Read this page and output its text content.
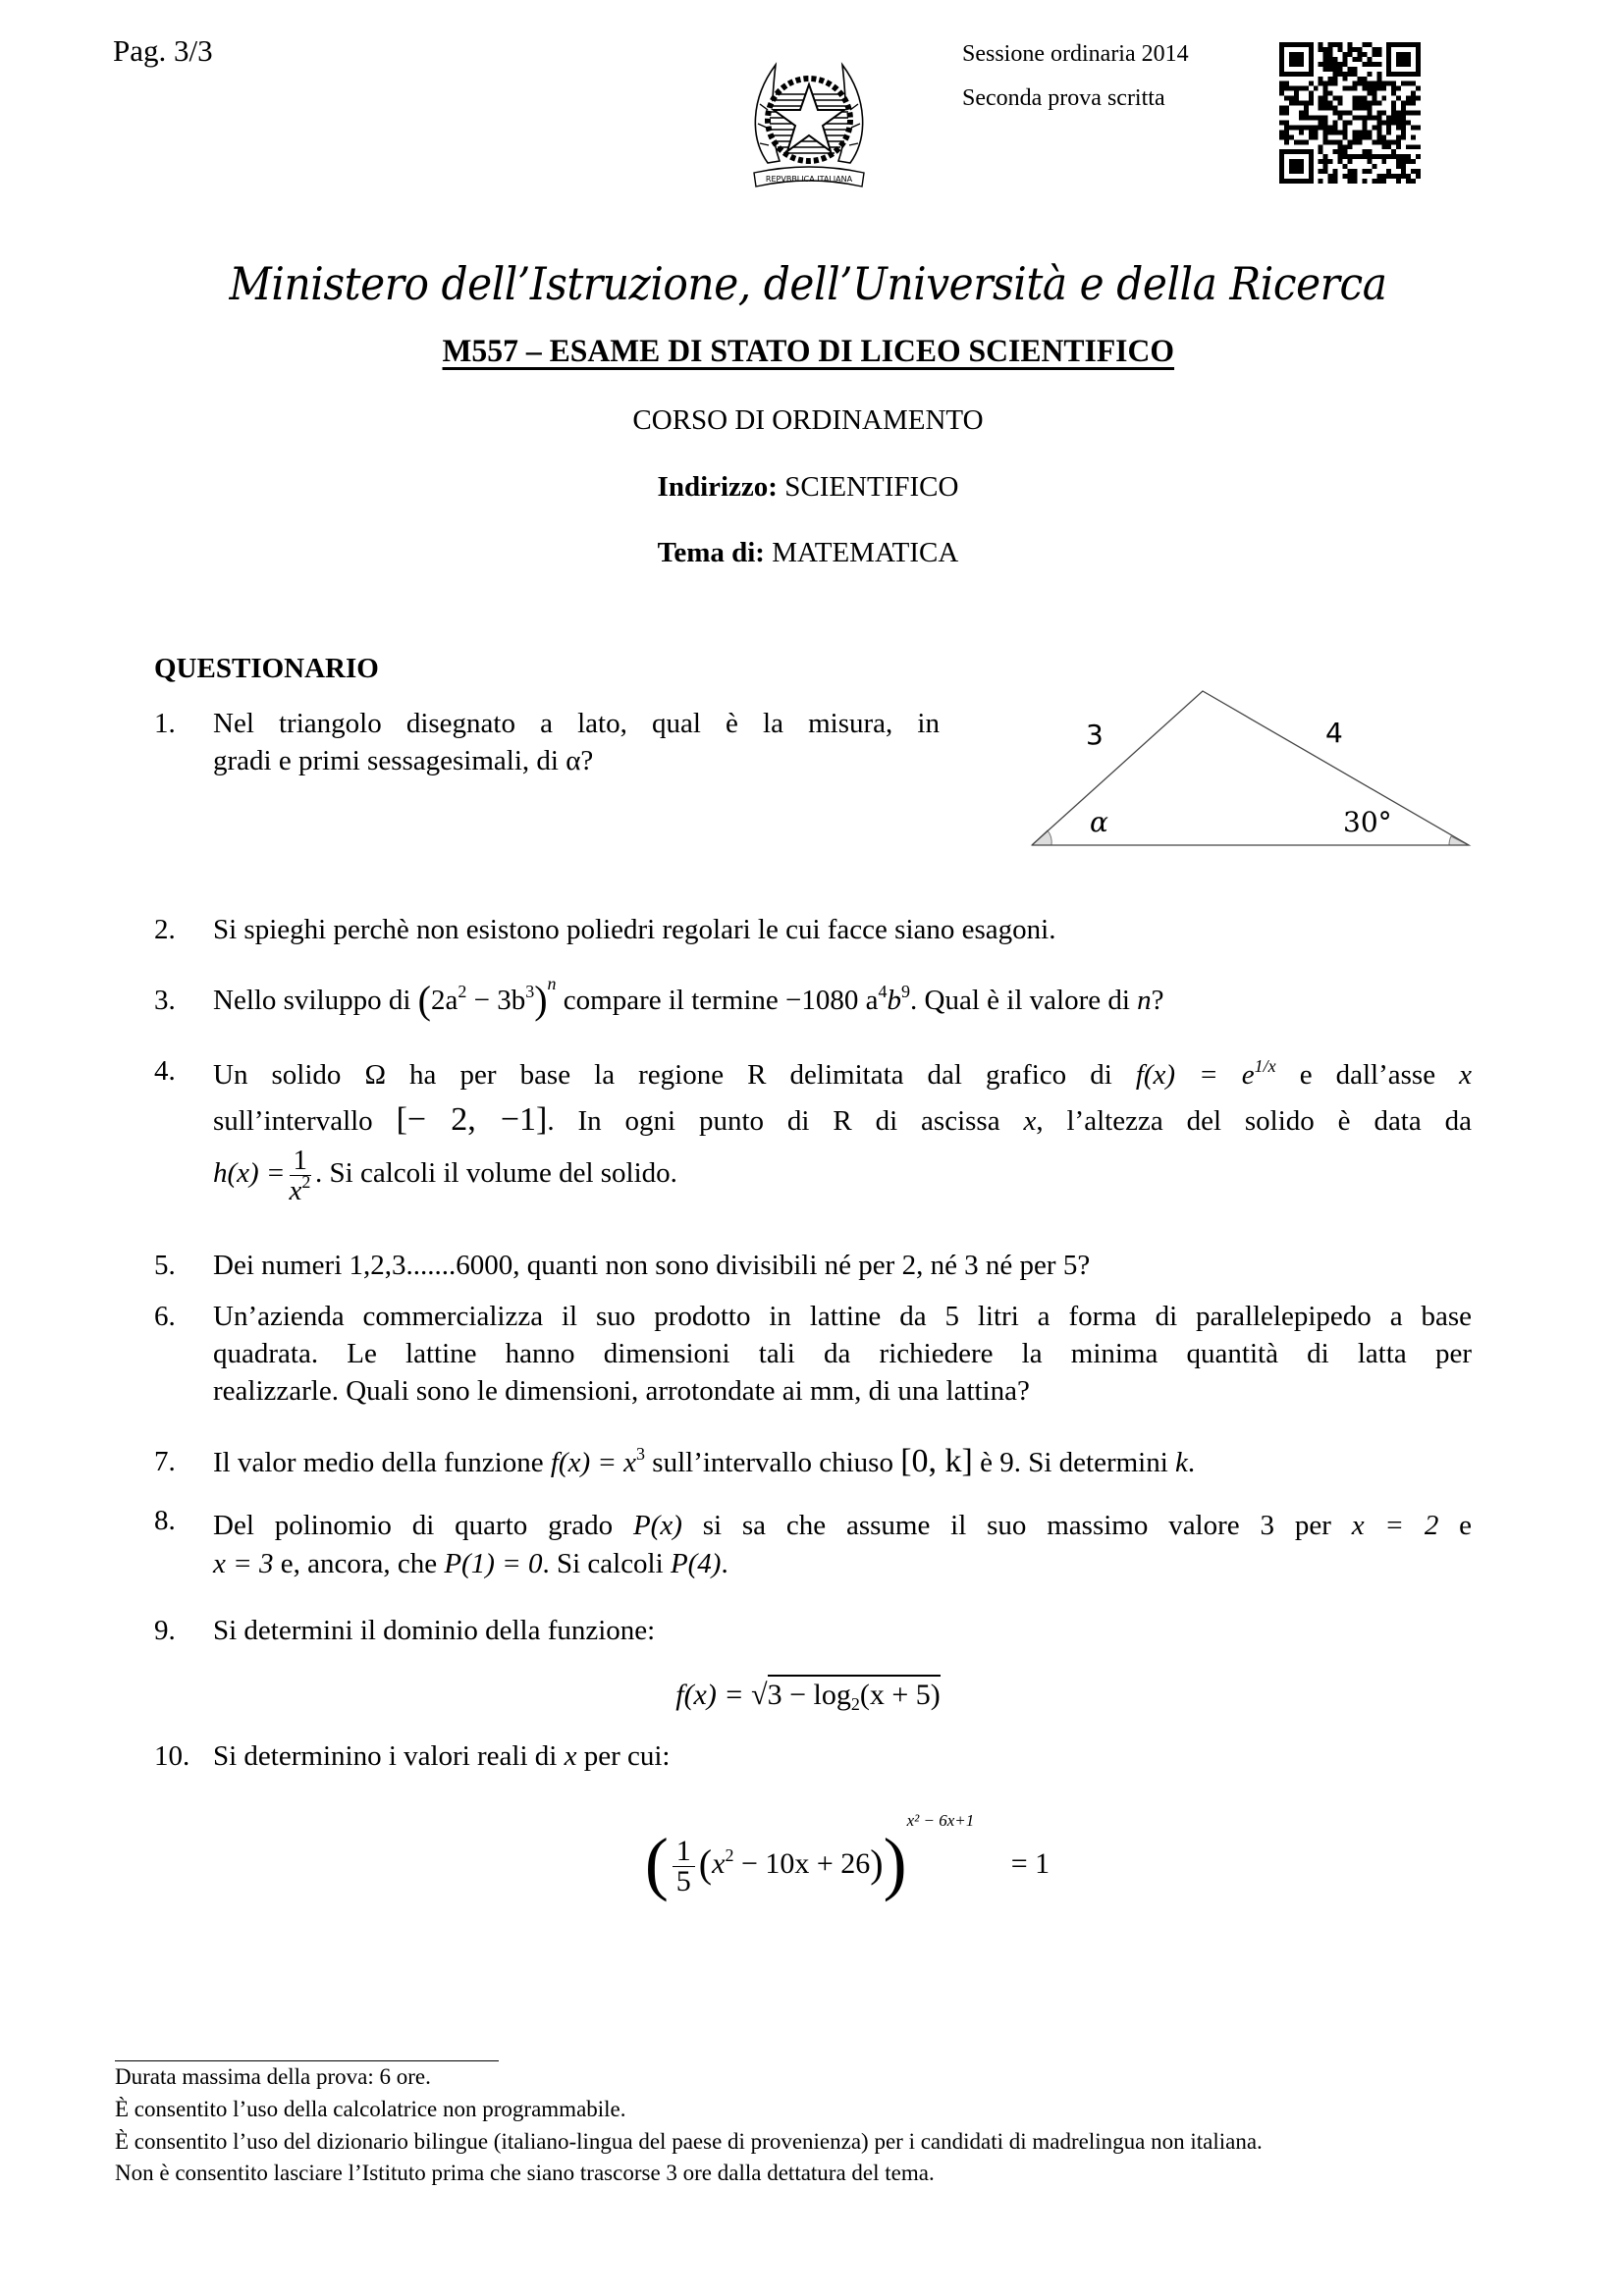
Pag. 3/3
REPVBBLICA ITALIANA
Sessione ordinaria 2014
Seconda prova scritta
Ministero dell’Istruzione, dell’Università e della Ricerca
M557 – ESAME DI STATO DI LICEO SCIENTIFICO
CORSO DI ORDINAMENTO
Indirizzo: SCIENTIFICO
Tema di: MATEMATICA
QUESTIONARIO
1. Nel triangolo disegnato a lato, qual è la misura, in
gradi e primi sessagesimali, di α?
3	4
α	30°
2. Si spieghi perchè non esistono poliedri regolari le cui facce siano esagoni.
3. Nello sviluppo di $(2a^2 - 3b^3)^n$ compare il termine −1080 $a^4b^9$. Qual è il valore di n?
4. Un solido Ω ha per base la regione R delimitata dal grafico di $f(x) = e^{1/x}$ e dall’asse x
sull’intervallo [− 2, −1]. In ogni punto di R di ascissa x, l’altezza del solido è data da
$h(x) = \frac{1}{x^2}$ . Si calcoli il volume del solido.
5. Dei numeri 1,2,3.......6000, quanti non sono divisibili né per 2, né 3 né per 5?
6. Un’azienda commercializza il suo prodotto in lattine da 5 litri a forma di parallelepipedo a base
quadrata. Le lattine hanno dimensioni tali da richiedere la minima quantità di latta per
realizzarle. Quali sono le dimensioni, arrotondate ai mm, di una lattina?
7. Il valor medio della funzione $f(x) = x^3$ sull’intervallo chiuso [0, k] è 9. Si determini k.
8. Del polinomio di quarto grado P(x) si sa che assume il suo massimo valore 3 per x = 2 e
x = 3 e, ancora, che P(1) = 0. Si calcoli P(4).
9. Si determini il dominio della funzione:
$f(x) = √3 - \log_2(x + 5)$
10. Si determinino i valori reali di x per cui:
( $\frac{1}{5} (x^2 - 10x + 26))^{x^2 - 6x+1} = 1$
Durata massima della prova: 6 ore.
È consentito l’uso della calcolatrice non programmabile.
È consentito l’uso del dizionario bilingue (italiano-lingua del paese di provenienza) per i candidati di madrelingua non italiana.
Non è consentito lasciare l’Istituto prima che siano trascorse 3 ore dalla dettatura del tema.
